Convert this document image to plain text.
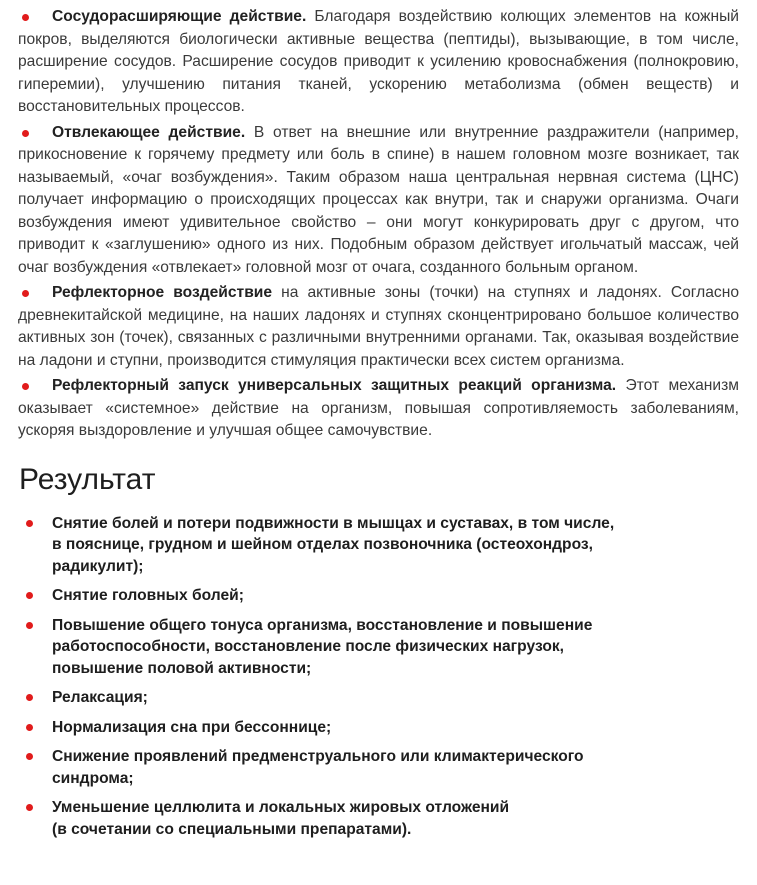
Сосудорасширяющие действие. Благодаря воздействию колющих элементов на кожный покров, выделяются биологически активные вещества (пептиды), вызывающие, в том числе, расширение сосудов. Расширение сосудов приводит к усилению кровоснабжения (полнокровию, гиперемии), улучшению питания тканей, ускорению метаболизма (обмен веществ) и восстановительных процессов.
Отвлекающее действие. В ответ на внешние или внутренние раздражители (например, прикосновение к горячему предмету или боль в спине) в нашем головном мозге возникает, так называемый, «очаг возбуждения». Таким образом наша центральная нервная система (ЦНС) получает информацию о происходящих процессах как внутри, так и снаружи организма. Очаги возбуждения имеют удивительное свойство – они могут конкурировать друг с другом, что приводит к «заглушению» одного из них. Подобным образом действует игольчатый массаж, чей очаг возбуждения «отвлекает» головной мозг от очага, созданного больным органом.
Рефлекторное воздействие на активные зоны (точки) на ступнях и ладонях. Согласно древнекитайской медицине, на наших ладонях и ступнях сконцентрировано большое количество активных зон (точек), связанных с различными внутренними органами. Так, оказывая воздействие на ладони и ступни, производится стимуляция практически всех систем организма.
Рефлекторный запуск универсальных защитных реакций организма. Этот механизм оказывает «системное» действие на организм, повышая сопротивляемость заболеваниям, ускоряя выздоровление и улучшая общее самочувствие.
Результат
Снятие болей и потери подвижности в мышцах и суставах, в том числе,
в пояснице, грудном и шейном отделах позвоночника (остеохондроз,
радикулит);
Снятие головных болей;
Повышение общего тонуса организма, восстановление и повышение
работоспособности, восстановление после физических нагрузок,
повышение половой активности;
Релаксация;
Нормализация сна при бессоннице;
Снижение проявлений предменструального или климактерического
синдрома;
Уменьшение целлюлита и локальных жировых отложений
(в сочетании со специальными препаратами).
